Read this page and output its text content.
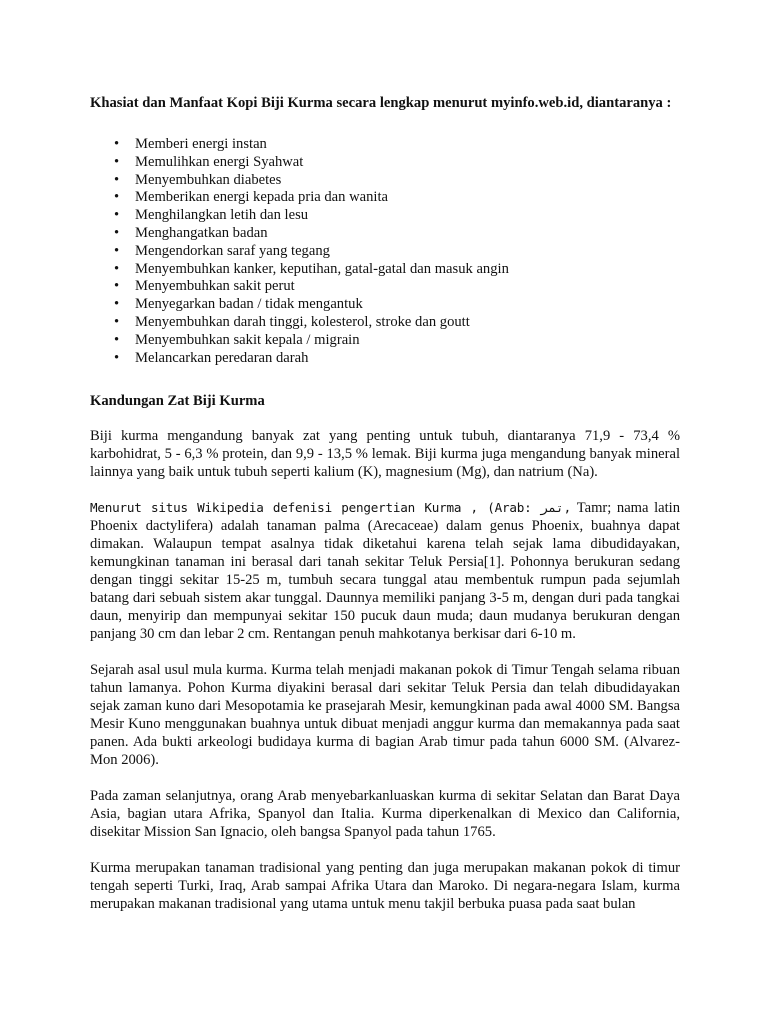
Khasiat dan Manfaat Kopi Biji Kurma secara lengkap menurut myinfo.web.id, diantaranya :

• Memberi energi instan
• Memulihkan energi Syahwat
• Menyembuhkan diabetes
• Memberikan energi kepada pria dan wanita
• Menghilangkan letih dan lesu
• Menghangatkan badan
• Mengendorkan saraf yang tegang
• Menyembuhkan kanker, keputihan, gatal-gatal dan masuk angin
• Menyembuhkan sakit perut
• Menyegarkan badan / tidak mengantuk
• Menyembuhkan darah tinggi, kolesterol, stroke dan goutt
• Menyembuhkan sakit kepala / migrain
• Melancarkan peredaran darah

Kandungan Zat Biji Kurma

Biji kurma mengandung banyak zat yang penting untuk tubuh, diantaranya 71,9 - 73,4 % karbohidrat, 5 - 6,3 % protein, dan 9,9 - 13,5 % lemak. Biji kurma juga mengandung banyak mineral lainnya yang baik untuk tubuh seperti kalium (K), magnesium (Mg), dan natrium (Na).

Menurut situs Wikipedia defenisi pengertian Kurma , (Arab: تمر, Tamr; nama latin Phoenix dactylifera) adalah tanaman palma (Arecaceae) dalam genus Phoenix, buahnya dapat dimakan. Walaupun tempat asalnya tidak diketahui karena telah sejak lama dibudidayakan, kemungkinan tanaman ini berasal dari tanah sekitar Teluk Persia[1]. Pohonnya berukuran sedang dengan tinggi sekitar 15-25 m, tumbuh secara tunggal atau membentuk rumpun pada sejumlah batang dari sebuah sistem akar tunggal. Daunnya memiliki panjang 3-5 m, dengan duri pada tangkai daun, menyirip dan mempunyai sekitar 150 pucuk daun muda; daun mudanya berukuran dengan panjang 30 cm dan lebar 2 cm. Rentangan penuh mahkotanya berkisar dari 6-10 m.

Sejarah asal usul mula kurma. Kurma telah menjadi makanan pokok di Timur Tengah selama ribuan tahun lamanya. Pohon Kurma diyakini berasal dari sekitar Teluk Persia dan telah dibudidayakan sejak zaman kuno dari Mesopotamia ke prasejarah Mesir, kemungkinan pada awal 4000 SM. Bangsa Mesir Kuno menggunakan buahnya untuk dibuat menjadi anggur kurma dan memakannya pada saat panen. Ada bukti arkeologi budidaya kurma di bagian Arab timur pada tahun 6000 SM. (Alvarez-Mon 2006).

Pada zaman selanjutnya, orang Arab menyebarkanluaskan kurma di sekitar Selatan dan Barat Daya Asia, bagian utara Afrika, Spanyol dan Italia. Kurma diperkenalkan di Mexico dan California, disekitar Mission San Ignacio, oleh bangsa Spanyol pada tahun 1765.

Kurma merupakan tanaman tradisional yang penting dan juga merupakan makanan pokok di timur tengah seperti Turki, Iraq, Arab sampai Afrika Utara dan Maroko. Di negara-negara Islam, kurma merupakan makanan tradisional yang utama untuk menu takjil berbuka puasa pada saat bulan
